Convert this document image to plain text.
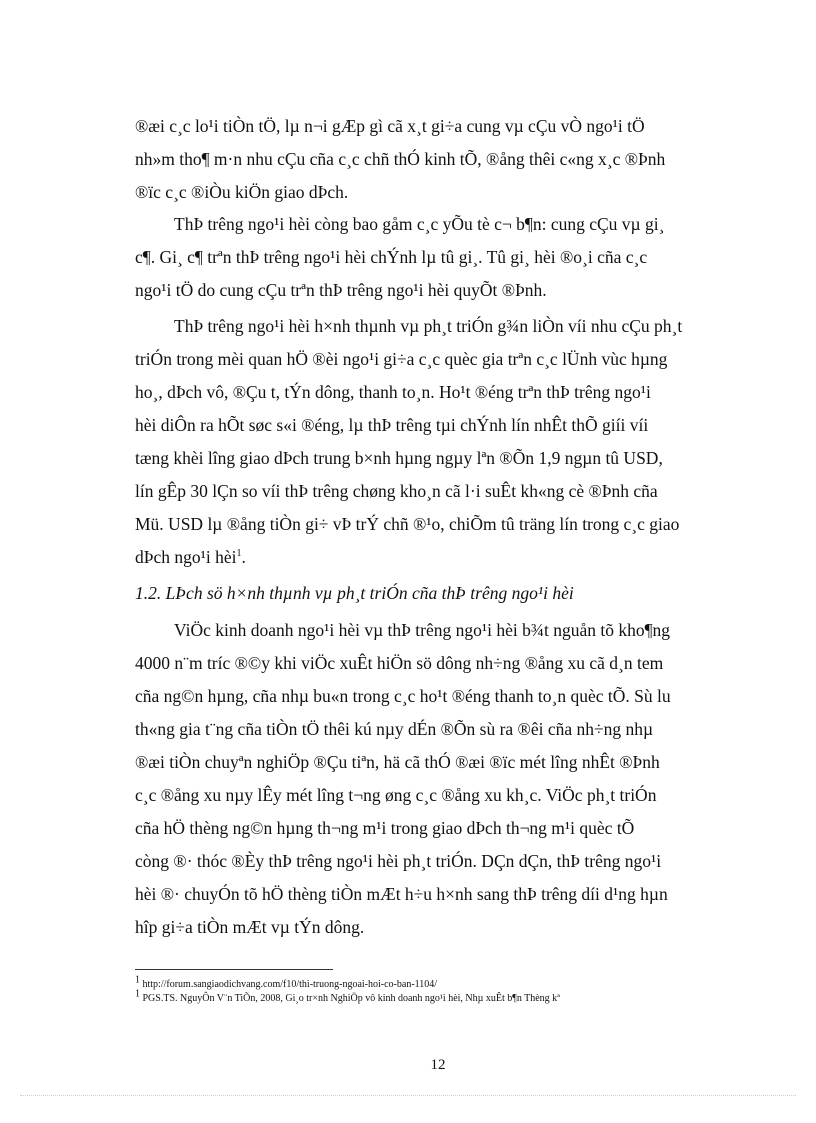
®æi c¸c lo¹i tiÒn tÖ, lµ n¬i gÆp gì cã x¸t gi÷a cung vµ cÇu vÒ ngo¹i tÖ
nh»m tho¶ m·n nhu cÇu cña c¸c chñ thÓ kinh tÕ, ®ång thêi c«ng x¸c ®Þnh
®ïc c¸c ®iÒu kiÖn giao dÞch.
ThÞ trêng ngo¹i hèi còng bao gåm c¸c yÕu tè c¬ b¶n: cung cÇu vµ gi¸
c¶. Gi¸ c¶ trªn thÞ trêng ngo¹i hèi chÝnh lµ tû gi¸. Tû gi¸ hèi ®o¸i cña c¸c
ngo¹i tÖ do cung cÇu trªn thÞ trêng ngo¹i hèi quyÕt ®Þnh.
ThÞ trêng ngo¹i hèi h×nh thµnh vµ ph¸t triÓn g¾n liÒn víi nhu cÇu ph¸t
triÓn trong mèi quan hÖ ®èi ngo¹i gi÷a c¸c quèc gia trªn c¸c lÜnh vùc hµng
ho¸, dÞch vô, ®Çu t, tÝn dông, thanh to¸n. Ho¹t ®éng trªn thÞ trêng ngo¹i
hèi diÔn ra hÕt søc s«i ®éng, lµ thÞ trêng tµi chÝnh lín nhÊt thÕ giíi víi
tæng khèi lîng giao dÞch trung b×nh hµng ngµy lªn ®Õn 1,9 ngµn tû USD,
lín gÊp 30 lÇn so víi thÞ trêng chøng kho¸n cã l·i suÊt kh«ng cè ®Þnh cña
Mü. USD lµ ®ång tiÒn gi÷ vÞ trÝ chñ ®¹o, chiÕm tû träng lín trong c¸c giao
dÞch ngo¹i hèi$^1$.
1.2. LÞch sö h×nh thµnh vµ ph¸t triÓn cña thÞ trêng ngo¹i hèi
ViÖc kinh doanh ngo¹i hèi vµ thÞ trêng ngo¹i hèi b¾t nguån tõ kho¶ng
4000 n¨m tríc ®©y khi viÖc xuÊt hiÖn sö dông nh÷ng ®ång xu cã d¸n tem
cña ng©n hµng, cña nhµ bu«n trong c¸c ho¹t ®éng thanh to¸n quèc tÕ. Sù lu
th«ng gia t¨ng cña tiÒn tÖ thêi kú nµy dÉn ®Õn sù ra ®êi cña nh÷ng nhµ
®æi tiÒn chuyªn nghiÖp ®Çu tiªn, hä cã thÓ ®æi ®ïc mét lîng nhÊt ®Þnh
c¸c ®ång xu nµy lÊy mét lîng t¬ng øng c¸c ®ång xu kh¸c. ViÖc ph¸t triÓn
cña hÖ thèng ng©n hµng th¬ng m¹i trong giao dÞch th¬ng m¹i quèc tÕ
còng ®· thóc ®Èy thÞ trêng ngo¹i hèi ph¸t triÓn. DÇn dÇn, thÞ trêng ngo¹i
hèi ®· chuyÓn tõ hÖ thèng tiÒn mÆt h÷u h×nh sang thÞ trêng díi d¹ng hµn
hîp gi÷a tiÒn mÆt vµ tÝn dông.
1 http://forum.sangiaodichvang.com/f10/thi-truong-ngoai-hoi-co-ban-1104/
1 PGS.TS. NguyÔn V¨n TiÕn, 2008, Gi¸o tr×nh NghiÖp vô kinh doanh ngo¹i hèi, Nhµ xuÊt b¶n Thèng kª
12
